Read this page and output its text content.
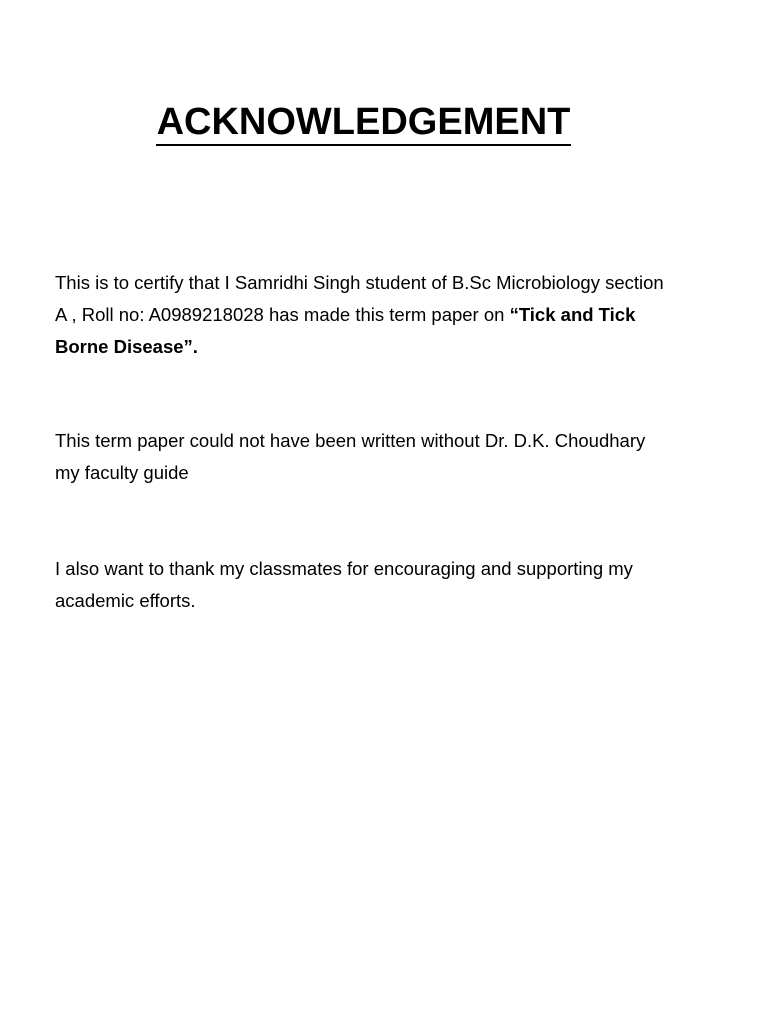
ACKNOWLEDGEMENT

This is to certify that I Samridhi Singh student of B.Sc Microbiology section A , Roll no: A0989218028 has made this term paper on “Tick and Tick Borne Disease”.

This term paper could not have been written without Dr. D.K. Choudhary my faculty guide

I also want to thank my classmates for encouraging and supporting my academic efforts.
